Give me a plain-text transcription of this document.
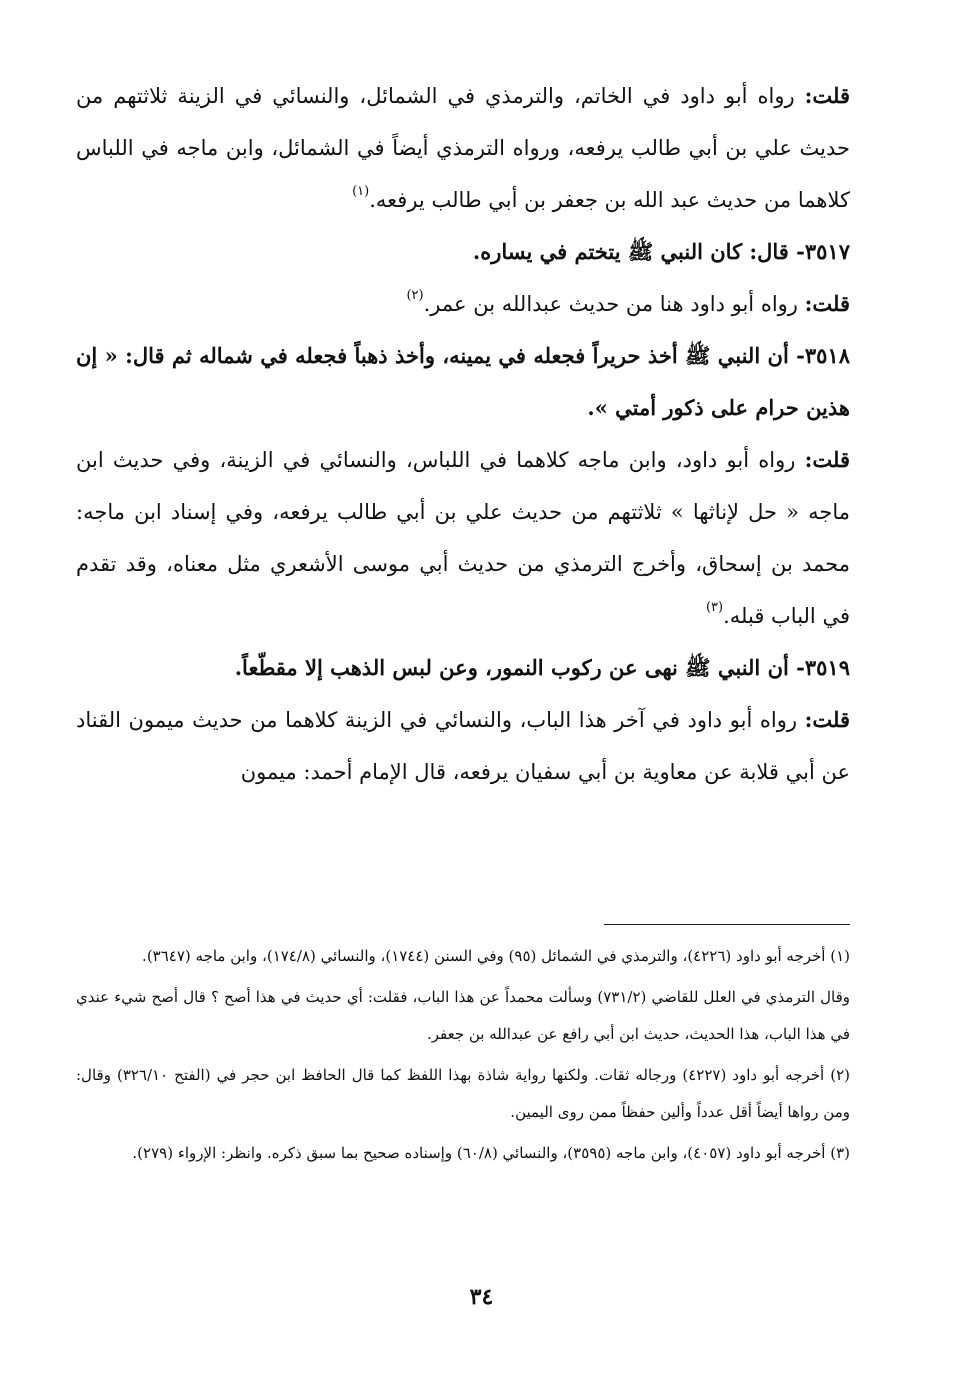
قلت: رواه أبو داود في الخاتم، والترمذي في الشمائل، والنسائي في الزينة ثلاثتهم من حديث علي بن أبي طالب يرفعه، ورواه الترمذي أيضاً في الشمائل، وابن ماجه في اللباس كلاهما من حديث عبد الله بن جعفر بن أبي طالب يرفعه.$^{(١)}$

٣٥١٧- قال: كان النبي ﷺ يتختم في يساره.

قلت: رواه أبو داود هنا من حديث عبدالله بن عمر.$^{(٢)}$

٣٥١٨- أن النبي ﷺ أخذ حريراً فجعله في يمينه، وأخذ ذهباً فجعله في شماله ثم قال: « إن هذين حرام على ذكور أمتي ».

قلت: رواه أبو داود، وابن ماجه كلاهما في اللباس، والنسائي في الزينة، وفي حديث ابن ماجه « حل لإناثها » ثلاثتهم من حديث علي بن أبي طالب يرفعه، وفي إسناد ابن ماجه: محمد بن إسحاق، وأخرج الترمذي من حديث أبي موسى الأشعري مثل معناه، وقد تقدم في الباب قبله.$^{(٣)}$

٣٥١٩- أن النبي ﷺ نهى عن ركوب النمور، وعن لبس الذهب إلا مقطّعاً.

قلت: رواه أبو داود في آخر هذا الباب، والنسائي في الزينة كلاهما من حديث ميمون القناد عن أبي قلابة عن معاوية بن أبي سفيان يرفعه، قال الإمام أحمد: ميمون

(١) أخرجه أبو داود (٤٢٢٦)، والترمذي في الشمائل (٩٥) وفي السنن (١٧٤٤)، والنسائي (١٧٤/٨)، وابن ماجه (٣٦٤٧).

وقال الترمذي في العلل للقاضي (٧٣١/٢) وسألت محمداً عن هذا الباب، فقلت: أي حديث في هذا أصح ؟ قال أصح شيء عندي في هذا الباب، هذا الحديث، حديث ابن أبي رافع عن عبدالله بن جعفر.

(٢) أخرجه أبو داود (٤٢٢٧) ورجاله ثقات. ولكنها رواية شاذة بهذا اللفظ كما قال الحافظ ابن حجر في (الفتح ٣٢٦/١٠) وقال: ومن رواها أيضاً أقل عدداً وألين حفظاً ممن روى اليمين.

(٣) أخرجه أبو داود (٤٠٥٧)، وابن ماجه (٣٥٩٥)، والنسائي (٦٠/٨) وإسناده صحيح بما سبق ذكره. وانظر: الإرواء (٢٧٩).

٣٤
